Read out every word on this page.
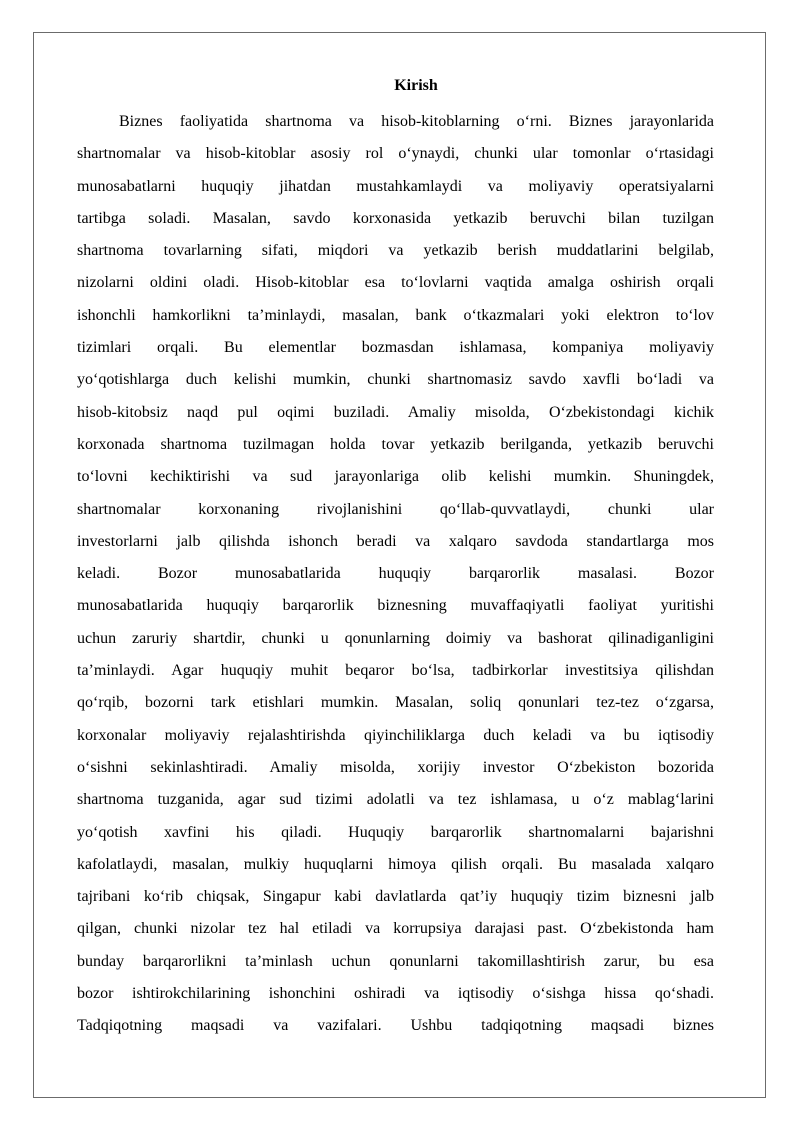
Kirish
Biznes faoliyatida shartnoma va hisob-kitoblarning o‘rni. Biznes jarayonlarida
shartnomalar va hisob-kitoblar asosiy rol o‘ynaydi, chunki ular tomonlar o‘rtasidagi
munosabatlarni huquqiy jihatdan mustahkamlaydi va moliyaviy operatsiyalarni
tartibga soladi. Masalan, savdo korxonasida yetkazib beruvchi bilan tuzilgan
shartnoma tovarlarning sifati, miqdori va yetkazib berish muddatlarini belgilab,
nizolarni oldini oladi. Hisob-kitoblar esa to‘lovlarni vaqtida amalga oshirish orqali
ishonchli hamkorlikni ta’minlaydi, masalan, bank o‘tkazmalari yoki elektron to‘lov
tizimlari orqali. Bu elementlar bozmasdan ishlamasa, kompaniya moliyaviy
yo‘qotishlarga duch kelishi mumkin, chunki shartnomasiz savdo xavfli bo‘ladi va
hisob-kitobsiz naqd pul oqimi buziladi. Amaliy misolda, O‘zbekistondagi kichik
korxonada shartnoma tuzilmagan holda tovar yetkazib berilganda, yetkazib beruvchi
to‘lovni kechiktirishi va sud jarayonlariga olib kelishi mumkin. Shuningdek,
shartnomalar korxonaning rivojlanishini qo‘llab-quvvatlaydi, chunki ular
investorlarni jalb qilishda ishonch beradi va xalqaro savdoda standartlarga mos
keladi. Bozor munosabatlarida huquqiy barqarorlik masalasi. Bozor
munosabatlarida huquqiy barqarorlik biznesning muvaffaqiyatli faoliyat yuritishi
uchun zaruriy shartdir, chunki u qonunlarning doimiy va bashorat qilinadiganligini
ta’minlaydi. Agar huquqiy muhit beqaror bo‘lsa, tadbirkorlar investitsiya qilishdan
qo‘rqib, bozorni tark etishlari mumkin. Masalan, soliq qonunlari tez-tez o‘zgarsa,
korxonalar moliyaviy rejalashtirishda qiyinchiliklarga duch keladi va bu iqtisodiy
o‘sishni sekinlashtiradi. Amaliy misolda, xorijiy investor O‘zbekiston bozorida
shartnoma tuzganida, agar sud tizimi adolatli va tez ishlamasa, u o‘z mablag‘larini
yo‘qotish xavfini his qiladi. Huquqiy barqarorlik shartnomalarni bajarishni
kafolatlaydi, masalan, mulkiy huquqlarni himoya qilish orqali. Bu masalada xalqaro
tajribani ko‘rib chiqsak, Singapur kabi davlatlarda qat’iy huquqiy tizim biznesni jalb
qilgan, chunki nizolar tez hal etiladi va korrupsiya darajasi past. O‘zbekistonda ham
bunday barqarorlikni ta’minlash uchun qonunlarni takomillashtirish zarur, bu esa
bozor ishtirokchilarining ishonchini oshiradi va iqtisodiy o‘sishga hissa qo‘shadi.
Tadqiqotning maqsadi va vazifalari. Ushbu tadqiqotning maqsadi biznes
